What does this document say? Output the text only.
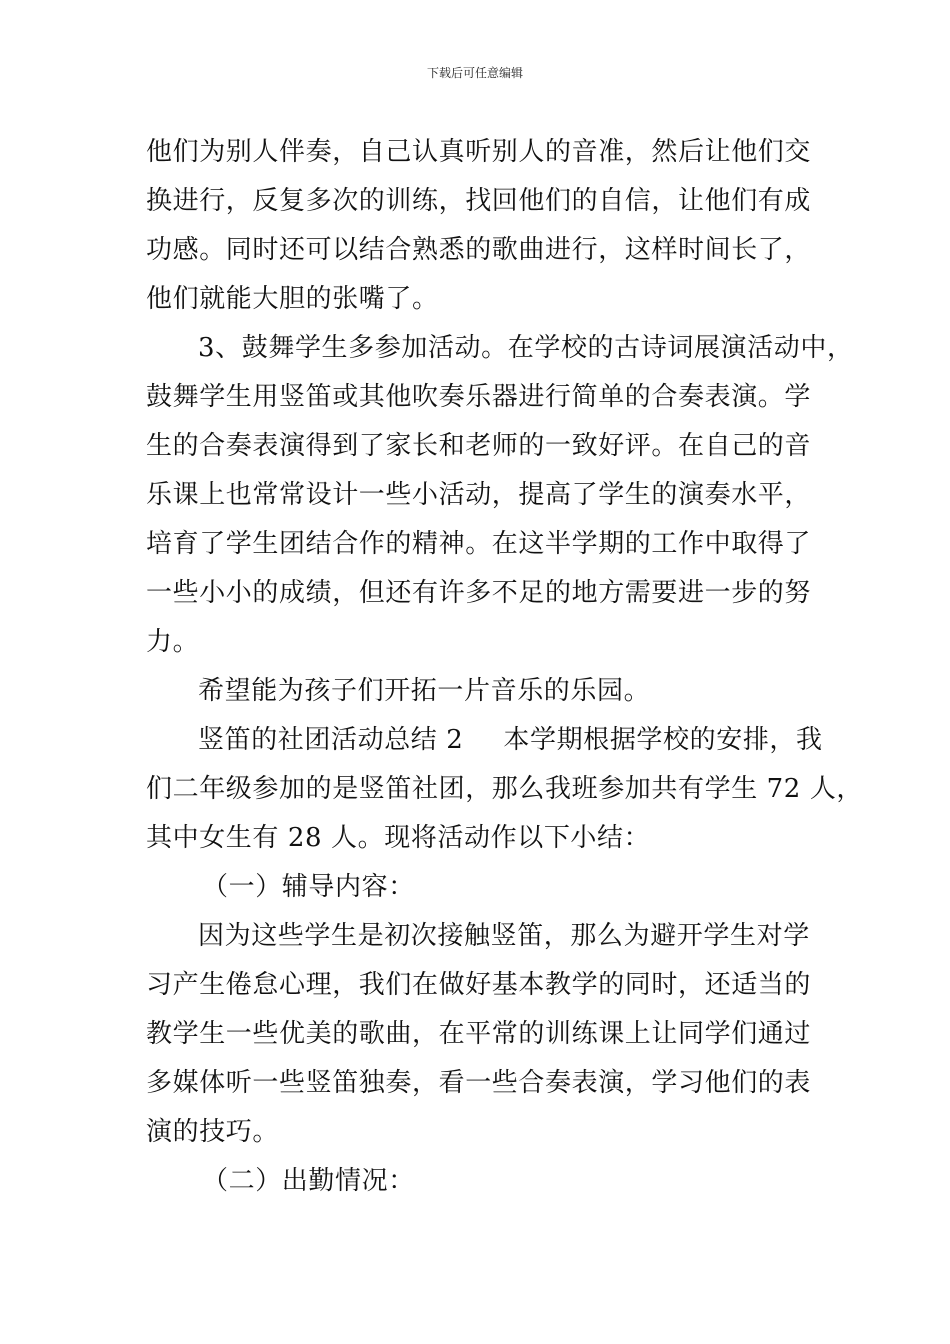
下载后可任意编辑
他们为别人伴奏，自己认真听别人的音准，然后让他们交
换进行，反复多次的训练，找回他们的自信，让他们有成
功感。同时还可以结合熟悉的歌曲进行，这样时间长了，
他们就能大胆的张嘴了。
3、鼓舞学生多参加活动。在学校的古诗词展演活动中，
鼓舞学生用竖笛或其他吹奏乐器进行简单的合奏表演。学
生的合奏表演得到了家长和老师的一致好评。在自己的音
乐课上也常常设计一些小活动，提高了学生的演奏水平，
培育了学生团结合作的精神。在这半学期的工作中取得了
一些小小的成绩，但还有许多不足的地方需要进一步的努
力。
希望能为孩子们开拓一片音乐的乐园。
竖笛的社团活动总结 2 本学期根据学校的安排，我
们二年级参加的是竖笛社团，那么我班参加共有学生 72 人，
其中女生有 28 人。现将活动作以下小结：
（一）辅导内容：
因为这些学生是初次接触竖笛，那么为避开学生对学
习产生倦怠心理，我们在做好基本教学的同时，还适当的
教学生一些优美的歌曲，在平常的训练课上让同学们通过
多媒体听一些竖笛独奏，看一些合奏表演，学习他们的表
演的技巧。
（二）出勤情况：
